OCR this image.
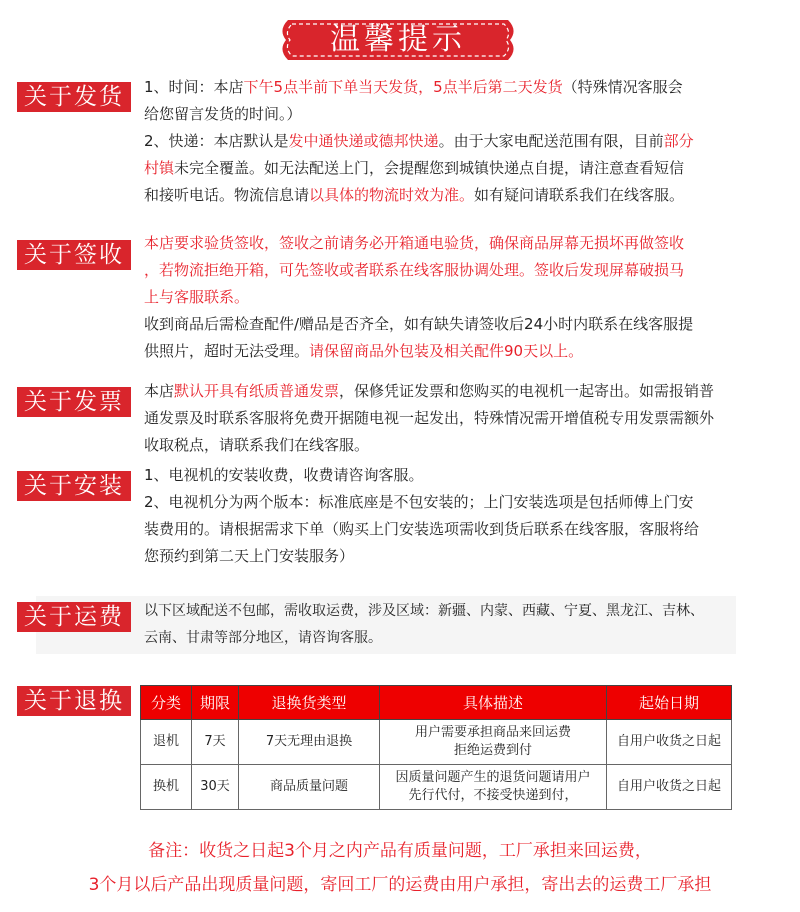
温馨提示
关于发货	1、时间：本店下午5点半前下单当天发货，5点半后第二天发货（特殊情况客服会
给您留言发货的时间。）
2、快递：本店默认是发中通快递或德邦快递。由于大家电配送范围有限，目前部分
村镇未完全覆盖。如无法配送上门，会提醒您到城镇快递点自提，请注意查看短信
和接听电话。物流信息请以具体的物流时效为准。如有疑问请联系我们在线客服。
关于签收	本店要求验货签收，签收之前请务必开箱通电验货，确保商品屏幕无损坏再做签收
，若物流拒绝开箱，可先签收或者联系在线客服协调处理。签收后发现屏幕破损马
上与客服联系。
收到商品后需检查配件/赠品是否齐全，如有缺失请签收后24小时内联系在线客服提
供照片，超时无法受理。请保留商品外包装及相关配件90天以上。
关于发票	本店默认开具有纸质普通发票，保修凭证发票和您购买的电视机一起寄出。如需报销普
通发票及时联系客服将免费开据随电视一起发出，特殊情况需开增值税专用发票需额外
收取税点，请联系我们在线客服。
关于安装	1、电视机的安装收费，收费请咨询客服。
2、电视机分为两个版本：标准底座是不包安装的；上门安装选项是包括师傅上门安
装费用的。请根据需求下单（购买上门安装选项需收到货后联系在线客服，客服将给
您预约到第二天上门安装服务）
关于运费	以下区域配送不包邮，需收取运费，涉及区域：新疆、内蒙、西藏、宁夏、黑龙江、吉林、
云南、甘肃等部分地区，请咨询客服。
关于退换	分类	期限	退换货类型	具体描述	起始日期
退机	7天	7天无理由退换	用户需要承担商品来回运费
拒绝运费到付	自用户收货之日起
换机	30天	商品质量问题	因质量问题产生的退货问题请用户
先行代付，不接受快递到付，	自用户收货之日起
备注：收货之日起3个月之内产品有质量问题，工厂承担来回运费，
3个月以后产品出现质量问题，寄回工厂的运费由用户承担，寄出去的运费工厂承担
